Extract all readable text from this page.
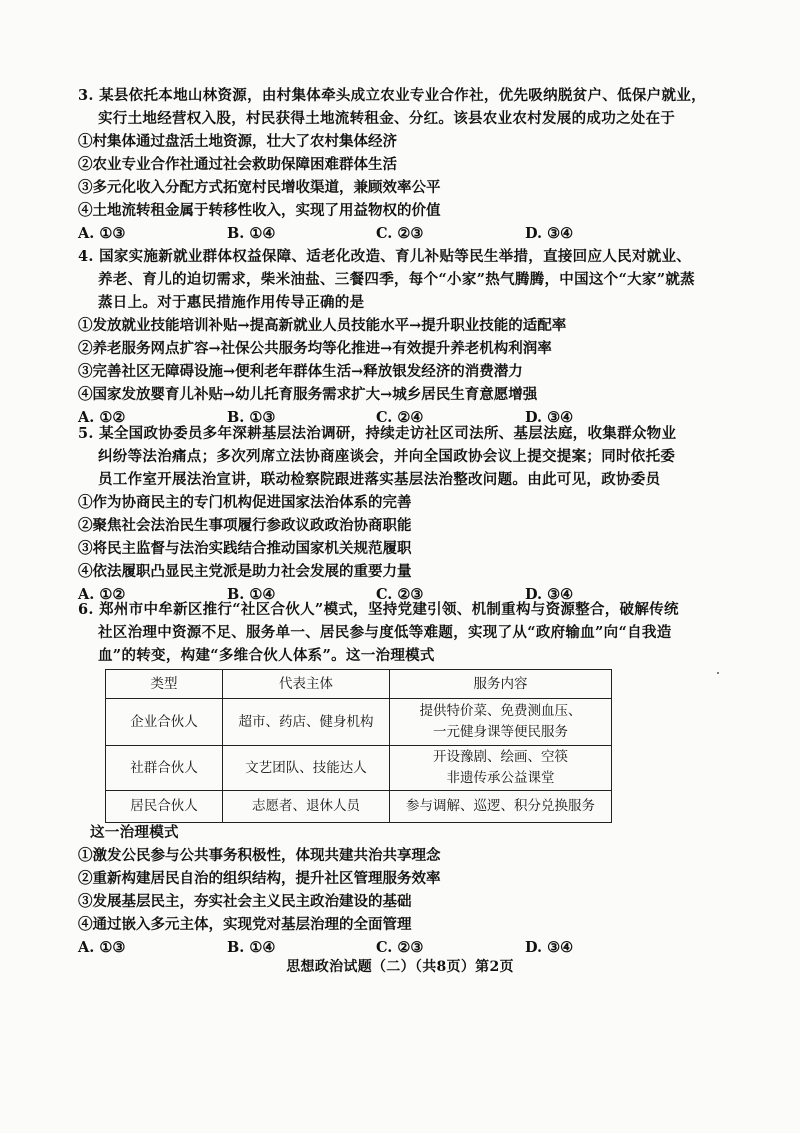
3. 某县依托本地山林资源，由村集体牵头成立农业专业合作社，优先吸纳脱贫户、低保户就业，
实行土地经营权入股，村民获得土地流转租金、分红。该县农业农村发展的成功之处在于
①村集体通过盘活土地资源，壮大了农村集体经济
②农业专业合作社通过社会救助保障困难群体生活
③多元化收入分配方式拓宽村民增收渠道，兼顾效率公平
④土地流转租金属于转移性收入，实现了用益物权的价值
A. ①③	B. ①④	C. ②③	D. ③④
4. 国家实施新就业群体权益保障、适老化改造、育儿补贴等民生举措，直接回应人民对就业、
养老、育儿的迫切需求，柴米油盐、三餐四季，每个“小家”热气腾腾，中国这个“大家”就蒸
蒸日上。对于惠民措施作用传导正确的是
①发放就业技能培训补贴→提高新就业人员技能水平→提升职业技能的适配率
②养老服务网点扩容→社保公共服务均等化推进→有效提升养老机构利润率
③完善社区无障碍设施→便利老年群体生活→释放银发经济的消费潜力
④国家发放婴育儿补贴→幼儿托育服务需求扩大→城乡居民生育意愿增强
A. ①②	B. ①③	C. ②④	D. ③④
5. 某全国政协委员多年深耕基层法治调研，持续走访社区司法所、基层法庭，收集群众物业
纠纷等法治痛点；多次列席立法协商座谈会，并向全国政协会议上提交提案；同时依托委
员工作室开展法治宣讲，联动检察院跟进落实基层法治整改问题。由此可见，政协委员
①作为协商民主的专门机构促进国家法治体系的完善
②聚焦社会法治民生事项履行参政议政政治协商职能
③将民主监督与法治实践结合推动国家机关规范履职
④依法履职凸显民主党派是助力社会发展的重要力量
A. ①②	B. ①④	C. ②③	D. ③④
6. 郑州市中牟新区推行“社区合伙人”模式，坚持党建引领、机制重构与资源整合，破解传统
社区治理中资源不足、服务单一、居民参与度低等难题，实现了从“政府输血”向“自我造
血”的转变，构建“多维合伙人体系”。这一治理模式
类型	代表主体	服务内容
企业合伙人	超市、药店、健身机构	提供特价菜、免费测血压、
一元健身课等便民服务

社群合伙人	文艺团队、技能达人	开设豫剧、绘画、空筷
非遗传承公益课堂

居民合伙人	志愿者、退休人员	参与调解、巡逻、积分兑换服务
这一治理模式
①激发公民参与公共事务积极性，体现共建共治共享理念
②重新构建居民自治的组织结构，提升社区管理服务效率
③发展基层民主，夯实社会主义民主政治建设的基础
④通过嵌入多元主体，实现党对基层治理的全面管理
A. ①③	B. ①④	C. ②③	D. ③④
思想政治试题（二）（共8页）第2页
